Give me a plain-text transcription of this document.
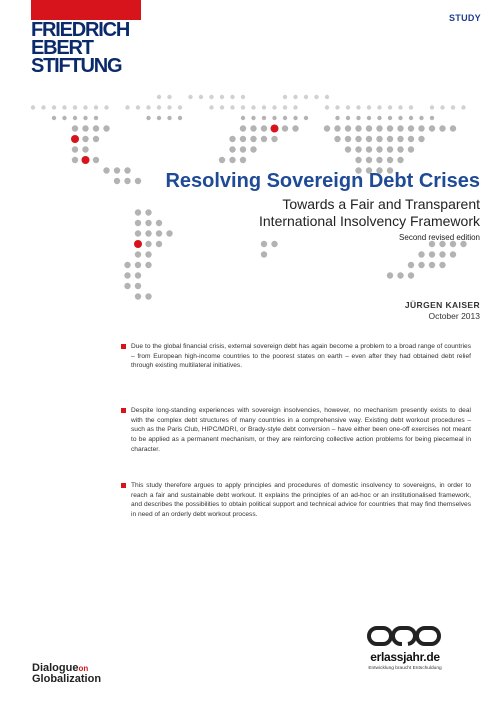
FRIEDRICH
EBERT
STIFTUNG
STUDY
Resolving Sovereign Debt Crises
Towards a Fair and Transparent
International Insolvency Framework
Second revised edition
JÜRGEN KAISER
October 2013
Due to the global financial crisis, external sovereign debt has again become a problem to a broad range of countries – from European high-income countries to the poorest states on earth – even after they had obtained debt relief through existing multilateral initiatives.
Despite long-standing experiences with sovereign insolvencies, however, no mechanism presently exists to deal with the complex debt structures of many countries in a comprehensive way. Existing debt workout procedures – such as the Paris Club, HIPC/MDRI, or Brady-style debt conversion – have either been one-off exercises not meant to be applied as a permanent mechanism, or they are reinforcing collective action problems for being piecemeal in character.
This study therefore argues to apply principles and procedures of domestic insolvency to sovereigns, in order to reach a fair and sustainable debt workout. It explains the principles of an ad-hoc or an institutionalised framework, and describes the possibilities to obtain political support and technical advice for countries that may find themselves in need of an orderly debt workout process.
Dialogueon
Globalization
erlassjahr.de
Entwicklung braucht Entschuldung
